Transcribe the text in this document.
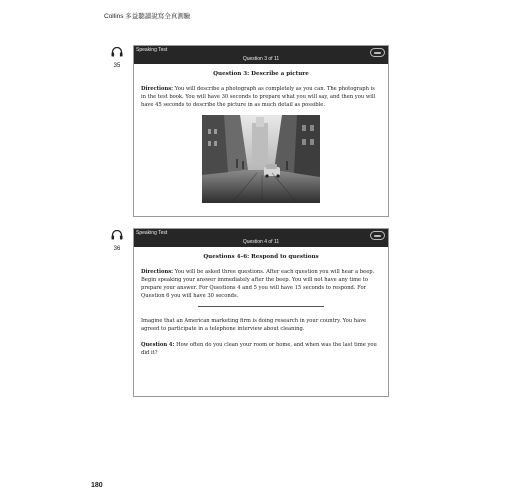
Collins 多益聽讀說寫全真測驗
35
Speaking Test
Question 3 of 11
Question 3: Describe a picture
Directions: You will describe a photograph as completely as you can. The photograph is in the test book. You will have 30 seconds to prepare what you will say, and then you will have 45 seconds to describe the picture in as much detail as possible.
36
Speaking Test
Question 4 of 11
Questions 4–6: Respond to questions
Directions: You will be asked three questions. After each question you will hear a beep. Begin speaking your answer immediately after the beep. You will not have any time to prepare your answer. For Questions 4 and 5 you will have 15 seconds to respond. For Question 6 you will have 30 seconds.
Imagine that an American marketing firm is doing research in your country. You have agreed to participate in a telephone interview about cleaning.
Question 4: How often do you clean your room or home, and when was the last time you did it?
180
